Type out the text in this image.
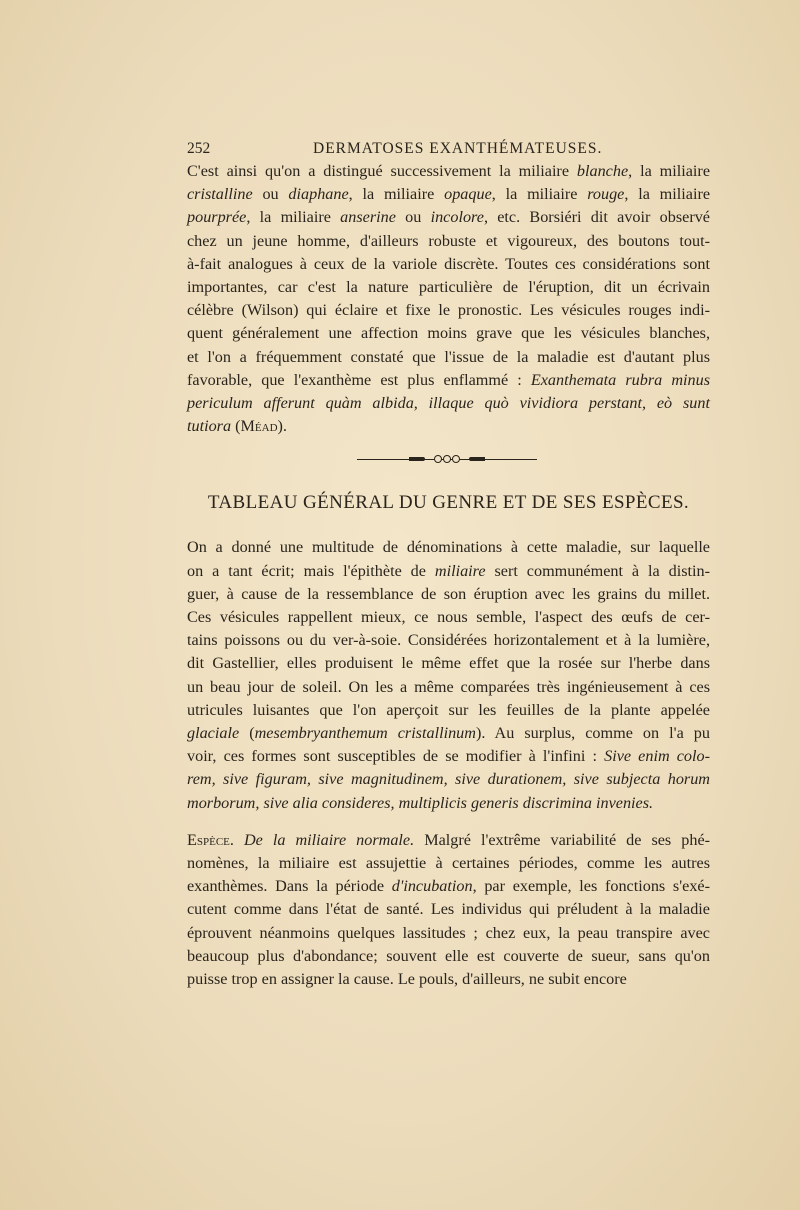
252	DERMATOSES EXANTHÉMATEUSES.

C'est ainsi qu'on a distingué successivement la miliaire blanche, la miliaire
cristalline ou diaphane, la miliaire opaque, la miliaire rouge, la miliaire
pourprée, la miliaire anserine ou incolore, etc. Borsiéri dit avoir observé
chez un jeune homme, d'ailleurs robuste et vigoureux, des boutons tout-
à-fait analogues à ceux de la variole discrète. Toutes ces considérations sont
importantes, car c'est la nature particulière de l'éruption, dit un écrivain
célèbre (Wilson) qui éclaire et fixe le pronostic. Les vésicules rouges indi-
quent généralement une affection moins grave que les vésicules blanches,
et l'on a fréquemment constaté que l'issue de la maladie est d'autant plus
favorable, que l'exanthème est plus enflammé : Exanthemata rubra minus
periculum afferunt quàm albida, illaque quò vividiora perstant, eò sunt
tutiora (Méad).

TABLEAU GÉNÉRAL DU GENRE ET DE SES ESPÈCES.

On a donné une multitude de dénominations à cette maladie, sur laquelle
on a tant écrit; mais l'épithète de miliaire sert communément à la distin-
guer, à cause de la ressemblance de son éruption avec les grains du millet.
Ces vésicules rappellent mieux, ce nous semble, l'aspect des œufs de cer-
tains poissons ou du ver-à-soie. Considérées horizontalement et à la lumière,
dit Gastellier, elles produisent le même effet que la rosée sur l'herbe dans
un beau jour de soleil. On les a même comparées très ingénieusement à ces
utricules luisantes que l'on aperçoit sur les feuilles de la plante appelée
glaciale (mesembryanthemum cristallinum). Au surplus, comme on l'a pu
voir, ces formes sont susceptibles de se modifier à l'infini : Sive enim colo-
rem, sive figuram, sive magnitudinem, sive durationem, sive subjecta horum
morborum, sive alia consideres, multiplicis generis discrimina invenies.

Espèce. De la miliaire normale. Malgré l'extrême variabilité de ses phé-
nomènes, la miliaire est assujettie à certaines périodes, comme les autres
exanthèmes. Dans la période d'incubation, par exemple, les fonctions s'exé-
cutent comme dans l'état de santé. Les individus qui préludent à la maladie
éprouvent néanmoins quelques lassitudes ; chez eux, la peau transpire avec
beaucoup plus d'abondance; souvent elle est couverte de sueur, sans qu'on
puisse trop en assigner la cause. Le pouls, d'ailleurs, ne subit encore
